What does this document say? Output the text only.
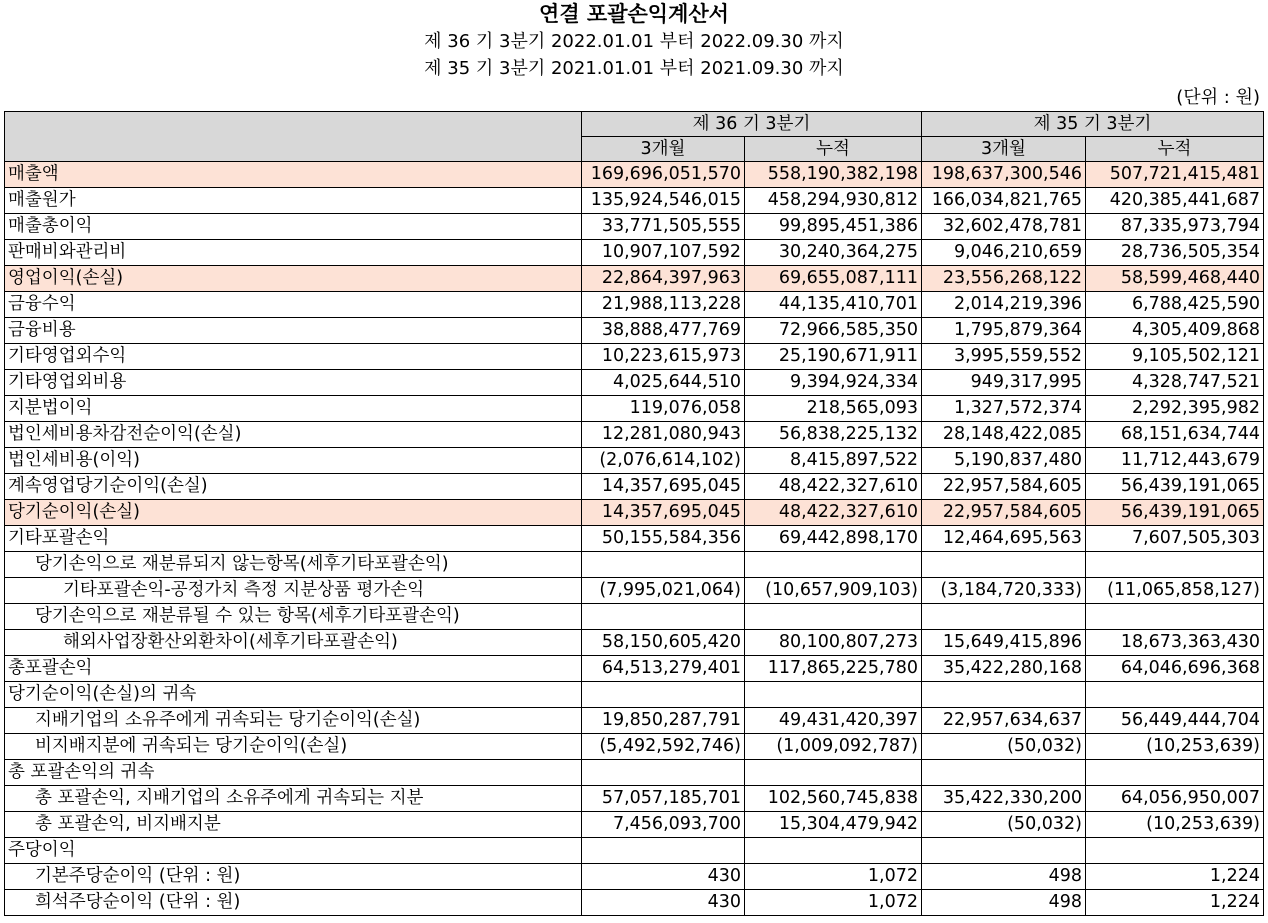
연결 포괄손익계산서
제 36 기 3분기 2022.01.01 부터 2022.09.30 까지
제 35 기 3분기 2021.01.01 부터 2021.09.30 까지
(단위 : 원)
	제 36 기 3분기		제 35 기 3분기	
	3개월	누적	3개월	누적
매출액	169,696,051,570	558,190,382,198	198,637,300,546	507,721,415,481
매출원가	135,924,546,015	458,294,930,812	166,034,821,765	420,385,441,687
매출총이익	33,771,505,555	99,895,451,386	32,602,478,781	87,335,973,794
판매비와관리비	10,907,107,592	30,240,364,275	9,046,210,659	28,736,505,354
영업이익(손실)	22,864,397,963	69,655,087,111	23,556,268,122	58,599,468,440
금융수익	21,988,113,228	44,135,410,701	2,014,219,396	6,788,425,590
금융비용	38,888,477,769	72,966,585,350	1,795,879,364	4,305,409,868
기타영업외수익	10,223,615,973	25,190,671,911	3,995,559,552	9,105,502,121
기타영업외비용	4,025,644,510	9,394,924,334	949,317,995	4,328,747,521
지분법이익	119,076,058	218,565,093	1,327,572,374	2,292,395,982
법인세비용차감전순이익(손실)	12,281,080,943	56,838,225,132	28,148,422,085	68,151,634,744
법인세비용(이익)	(2,076,614,102)	8,415,897,522	5,190,837,480	11,712,443,679
계속영업당기순이익(손실)	14,357,695,045	48,422,327,610	22,957,584,605	56,439,191,065
당기순이익(손실)	14,357,695,045	48,422,327,610	22,957,584,605	56,439,191,065
기타포괄손익	50,155,584,356	69,442,898,170	12,464,695,563	7,607,505,303
당기손익으로 재분류되지 않는항목(세후기타포괄손익)				
기타포괄손익-공정가치 측정 지분상품 평가손익	(7,995,021,064)	(10,657,909,103)	(3,184,720,333)	(11,065,858,127)
당기손익으로 재분류될 수 있는 항목(세후기타포괄손익)				
해외사업장환산외환차이(세후기타포괄손익)	58,150,605,420	80,100,807,273	15,649,415,896	18,673,363,430
총포괄손익	64,513,279,401	117,865,225,780	35,422,280,168	64,046,696,368
당기순이익(손실)의 귀속				
지배기업의 소유주에게 귀속되는 당기순이익(손실)	19,850,287,791	49,431,420,397	22,957,634,637	56,449,444,704
비지배지분에 귀속되는 당기순이익(손실)	(5,492,592,746)	(1,009,092,787)	(50,032)	(10,253,639)
총 포괄손익의 귀속				
총 포괄손익, 지배기업의 소유주에게 귀속되는 지분	57,057,185,701	102,560,745,838	35,422,330,200	64,056,950,007
총 포괄손익, 비지배지분	7,456,093,700	15,304,479,942	(50,032)	(10,253,639)
주당이익				
기본주당순이익 (단위 : 원)	430	1,072	498	1,224
희석주당순이익 (단위 : 원)	430	1,072	498	1,224
